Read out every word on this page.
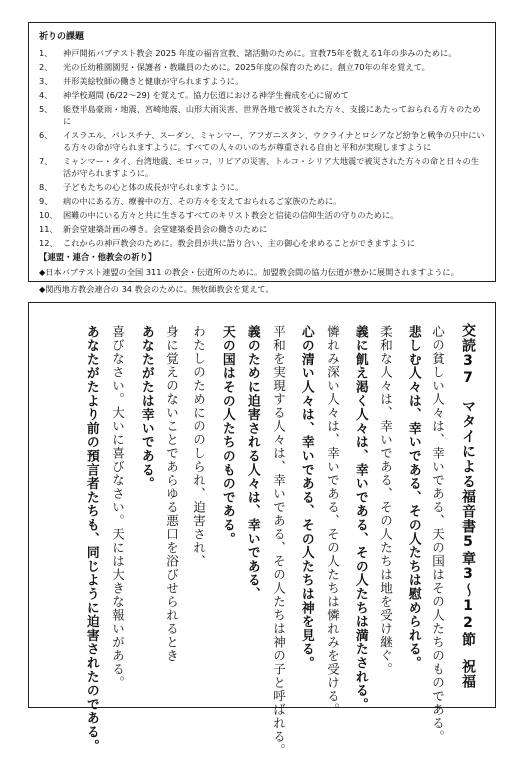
祈りの課題
1、	神戸開拓バプテスト教会 2025 年度の福音宣教、諸活動のために。宣教75年を数える1年の歩みのために。
2、	光の丘幼稚園園児・保護者・教職員のために。2025年度の保育のために。創立70年の年を覚えて。
3、	井形美絵牧師の働きと健康が守られますように。
4、	神学校週間 (6/22～29) を覚えて。協力伝道における神学生養成を心に留めて
5、	能登半島豪雨・地震、宮崎地震、山形大雨災害、世界各地で被災された方々、支援にあたっておられる方々のために
6、	イスラエル、パレスチナ、スーダン、ミャンマー、アフガニスタン、ウクライナとロシアなど紛争と戦争の只中にいる方々の命が守られますように。すべての人々のいのちが尊重される自由と平和が実現しますように
7、	ミャンマー・タイ、台湾地震、モロッコ、リビアの災害、トルコ・シリア大地震で被災された方々の命と日々の生活が守られますように。
8、	子どもたちの心と体の成長が守られますように。
9、	病の中にある方、療養中の方、その方々を支えておられるご家族のために。
10、 困難の中にいる方々と共に生きるすべてのキリスト教会と信徒の信仰生活の守りのために。
11、 新会堂建築計画の導き。会堂建築委員会の働きのために
12、 これからの神戸教会のために。教会員が共に語り合い、主の御心を求めることができますように
【連盟・連合・他教会の祈り】
◆日本バプテスト連盟の全国 311 の教会・伝道所のために。加盟教会間の協力伝道が豊かに展開されますように。
◆関西地方教会連合の 34 教会のために。無牧師教会を覚えて。
交読37マタイによる福音書5章3～12節祝福
心の貧しい人々は、幸いである、天の国はその人たちのものである。
悲しむ人々は、幸いである、その人たちは慰められる。
柔和な人々は、幸いである、その人たちは地を受け継ぐ。
義に飢え渇く人々は、幸いである、その人たちは満たされる。
憐れみ深い人々は、幸いである、その人たちは憐れみを受ける。
心の清い人々は、幸いである、その人たちは神を見る。
平和を実現する人々は、幸いである、その人たちは神の子と呼ばれる。
義のために迫害される人々は、幸いである、
天の国はその人たちのものである。
わたしのためにののしられ、迫害され、
身に覚えのないことであらゆる悪口を浴びせられるとき
あなたがたは幸いである。
喜びなさい。大いに喜びなさい。天には大きな報いがある。
あなたがたより前の預言者たちも、同じように迫害されたのである。
